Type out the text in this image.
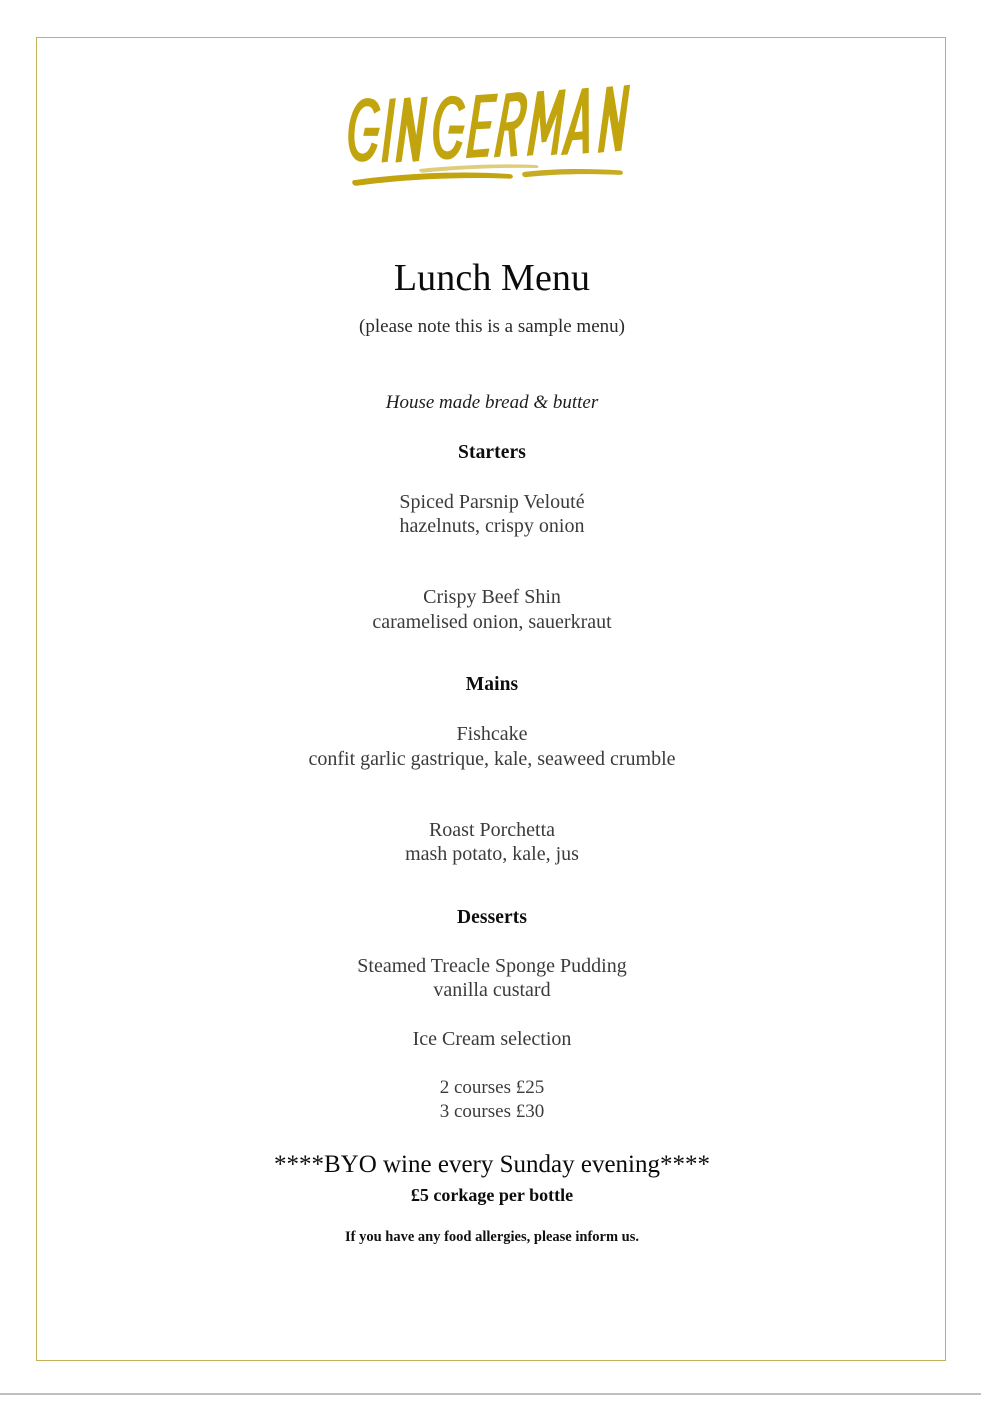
Lunch Menu

(please note this is a sample menu)

House made bread & butter

Starters

Spiced Parsnip Velouté

hazelnuts, crispy onion

Crispy Beef Shin

caramelised onion, sauerkraut

Mains

Fishcake

confit garlic gastrique, kale, seaweed crumble

Roast Porchetta

mash potato, kale, jus

Desserts

Steamed Treacle Sponge Pudding

vanilla custard

Ice Cream selection

2 courses £25

3 courses £30

****BYO wine every Sunday evening****

£5 corkage per bottle

If you have any food allergies, please inform us.
